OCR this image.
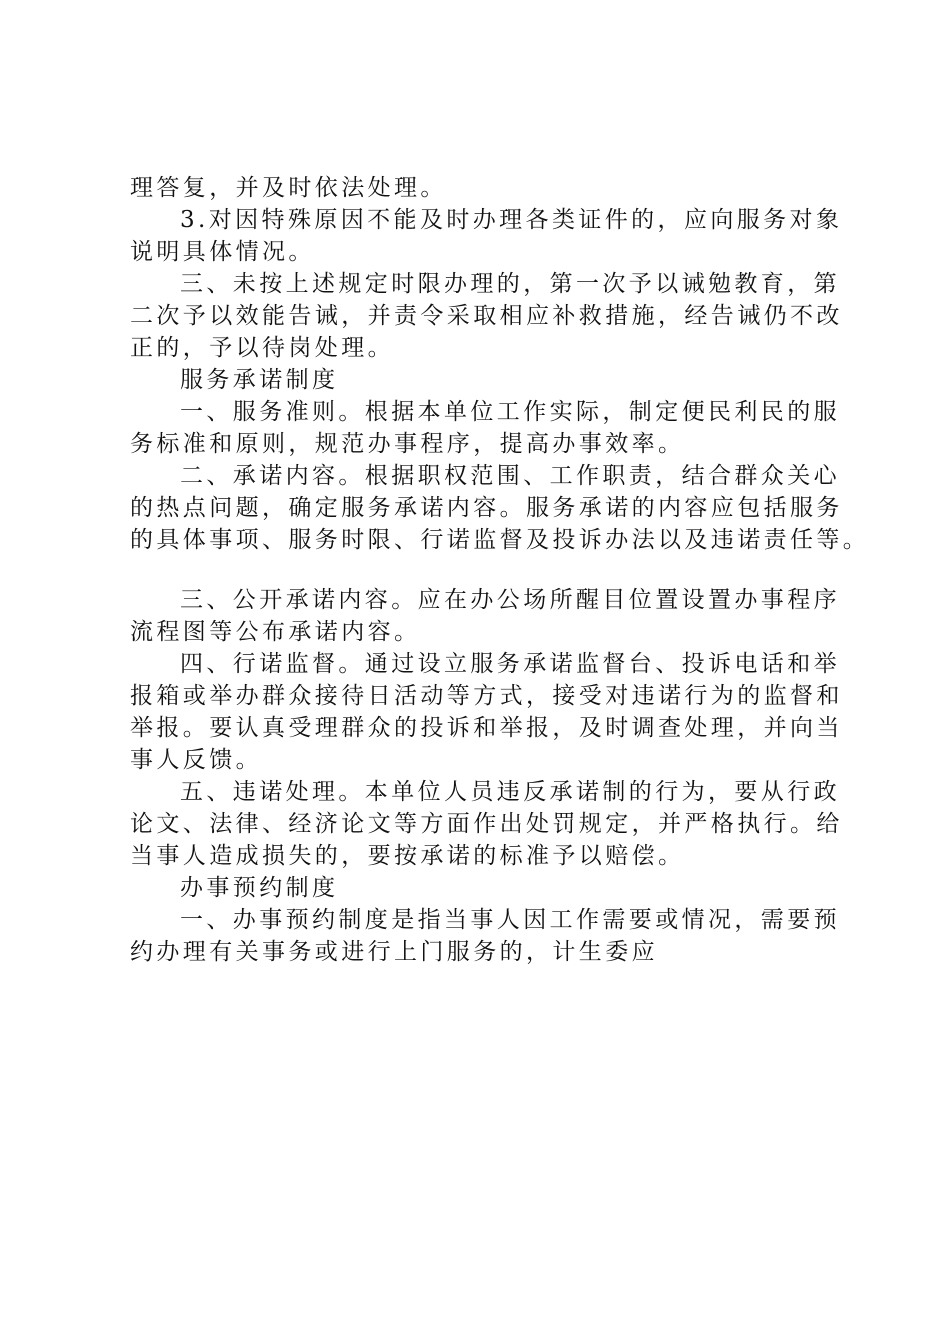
理答复，并及时依法处理。
3.对因特殊原因不能及时办理各类证件的，应向服务对象
说明具体情况。
三、未按上述规定时限办理的，第一次予以诫勉教育，第
二次予以效能告诫，并责令采取相应补救措施，经告诫仍不改
正的，予以待岗处理。
服务承诺制度
一、服务准则。根据本单位工作实际，制定便民利民的服
务标准和原则，规范办事程序，提高办事效率。
二、承诺内容。根据职权范围、工作职责，结合群众关心
的热点问题，确定服务承诺内容。服务承诺的内容应包括服务
的具体事项、服务时限、行诺监督及投诉办法以及违诺责任等。
三、公开承诺内容。应在办公场所醒目位置设置办事程序
流程图等公布承诺内容。
四、行诺监督。通过设立服务承诺监督台、投诉电话和举
报箱或举办群众接待日活动等方式，接受对违诺行为的监督和
举报。要认真受理群众的投诉和举报，及时调查处理，并向当
事人反馈。
五、违诺处理。本单位人员违反承诺制的行为，要从行政
论文、法律、经济论文等方面作出处罚规定，并严格执行。给
当事人造成损失的，要按承诺的标准予以赔偿。
办事预约制度
一、办事预约制度是指当事人因工作需要或情况，需要预
约办理有关事务或进行上门服务的，计生委应
